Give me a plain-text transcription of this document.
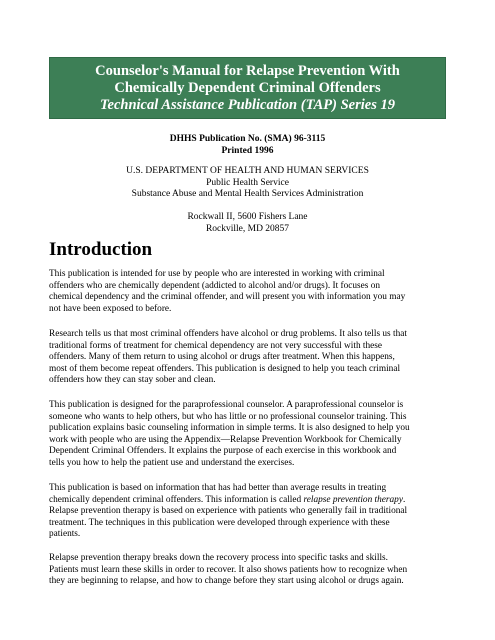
Counselor's Manual for Relapse Prevention With
Chemically Dependent Criminal Offenders
Technical Assistance Publication (TAP) Series 19
DHHS Publication No. (SMA) 96-3115
Printed 1996
U.S. DEPARTMENT OF HEALTH AND HUMAN SERVICES
Public Health Service
Substance Abuse and Mental Health Services Administration
Rockwall II, 5600 Fishers Lane
Rockville, MD 20857
Introduction

This publication is intended for use by people who are interested in working with criminal
offenders who are chemically dependent (addicted to alcohol and/or drugs). It focuses on
chemical dependency and the criminal offender, and will present you with information you may
not have been exposed to before.

Research tells us that most criminal offenders have alcohol or drug problems. It also tells us that
traditional forms of treatment for chemical dependency are not very successful with these
offenders. Many of them return to using alcohol or drugs after treatment. When this happens,
most of them become repeat offenders. This publication is designed to help you teach criminal
offenders how they can stay sober and clean.

This publication is designed for the paraprofessional counselor. A paraprofessional counselor is
someone who wants to help others, but who has little or no professional counselor training. This
publication explains basic counseling information in simple terms. It is also designed to help you
work with people who are using the Appendix—Relapse Prevention Workbook for Chemically
Dependent Criminal Offenders. It explains the purpose of each exercise in this workbook and
tells you how to help the patient use and understand the exercises.

This publication is based on information that has had better than average results in treating
chemically dependent criminal offenders. This information is called relapse prevention therapy.
Relapse prevention therapy is based on experience with patients who generally fail in traditional
treatment. The techniques in this publication were developed through experience with these
patients.

Relapse prevention therapy breaks down the recovery process into specific tasks and skills.
Patients must learn these skills in order to recover. It also shows patients how to recognize when
they are beginning to relapse, and how to change before they start using alcohol or drugs again.
